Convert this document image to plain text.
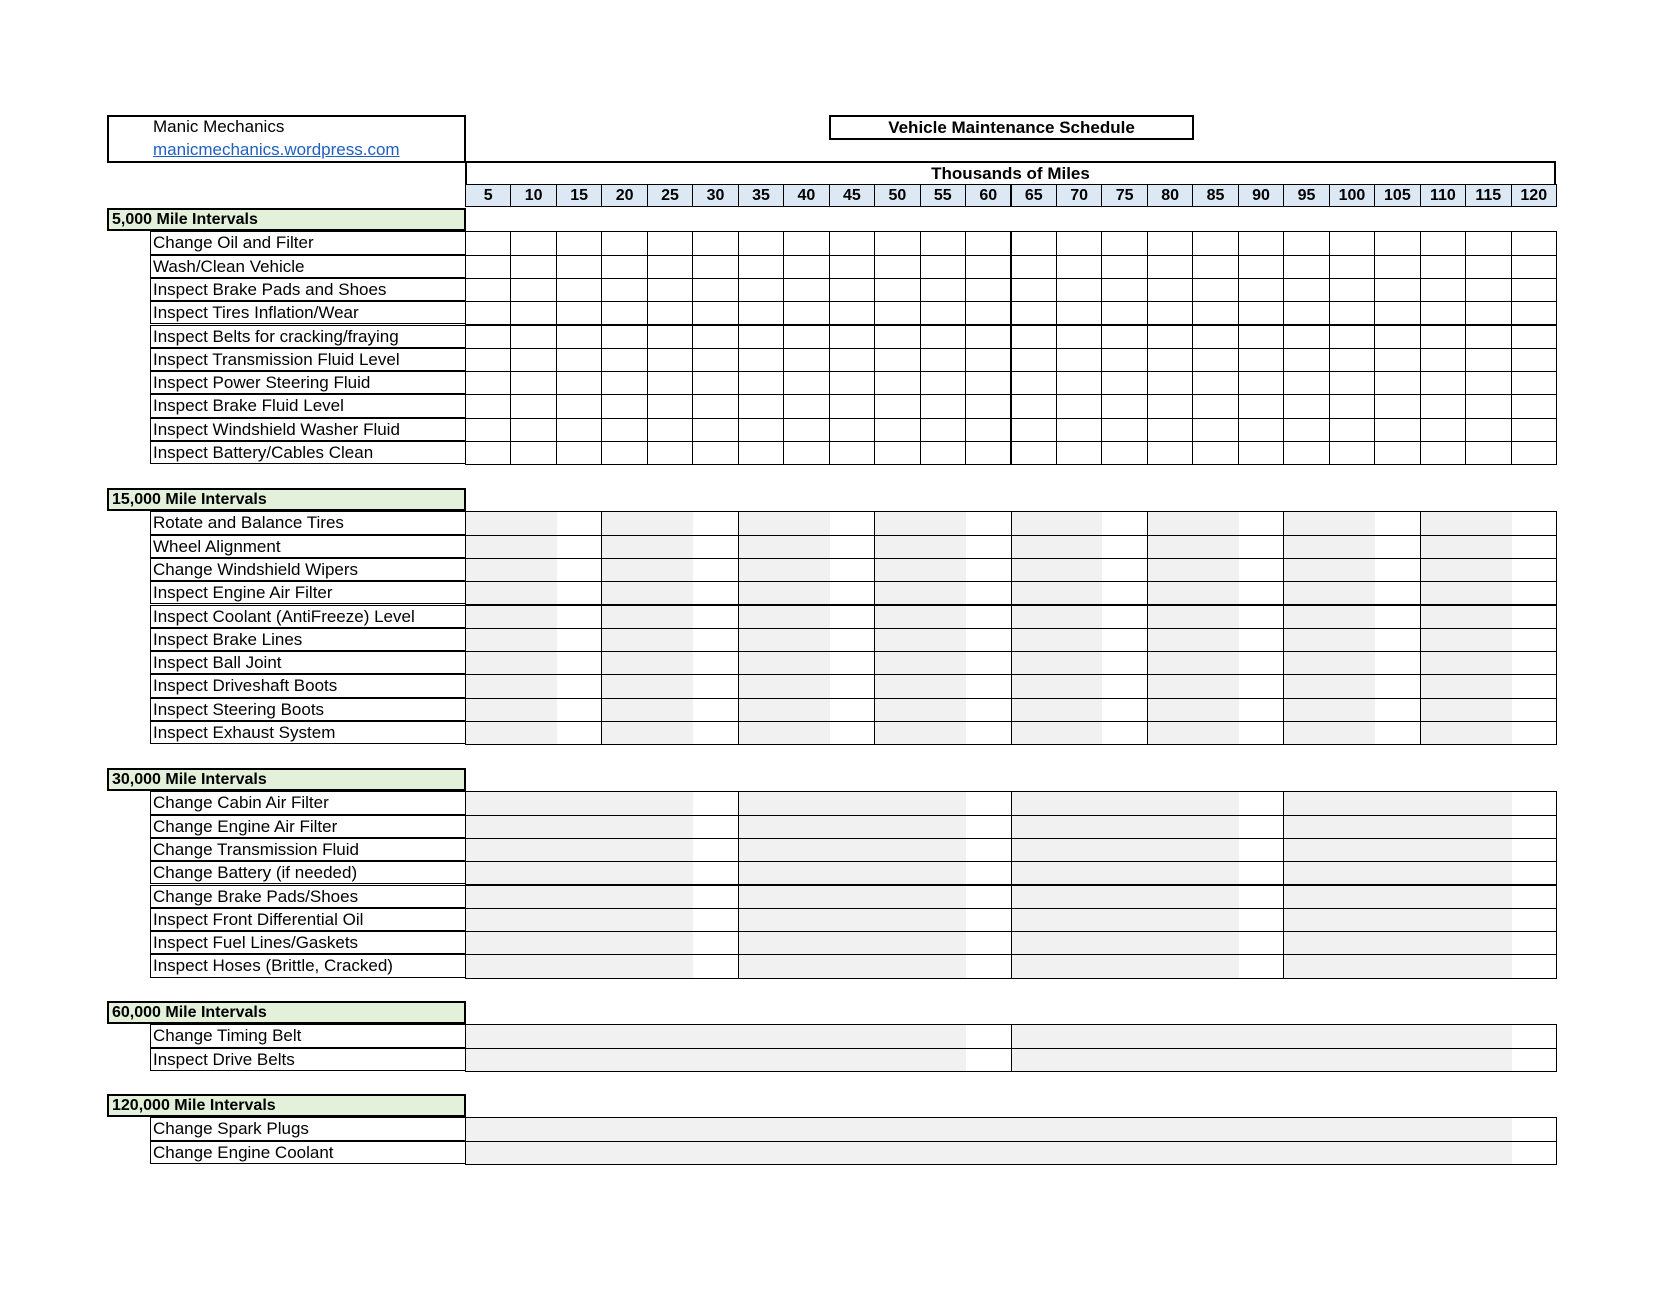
Manic Mechanics
manicmechanics.wordpress.com
Vehicle Maintenance Schedule
Thousands of Miles
5	10	15	20	25	30	35	40	45	50	55	60	65	70	75	80	85	90	95	100	105	110	115	120
5,000 Mile Intervals
Change Oil and Filter
Wash/Clean Vehicle
Inspect Brake Pads and Shoes
Inspect Tires Inflation/Wear
Inspect Belts for cracking/fraying
Inspect Transmission Fluid Level
Inspect Power Steering Fluid
Inspect Brake Fluid Level
Inspect Windshield Washer Fluid
Inspect Battery/Cables Clean
15,000 Mile Intervals
Rotate and Balance Tires
Wheel Alignment
Change Windshield Wipers
Inspect Engine Air Filter
Inspect Coolant (AntiFreeze) Level
Inspect Brake Lines
Inspect Ball Joint
Inspect Driveshaft Boots
Inspect Steering Boots
Inspect Exhaust System
30,000 Mile Intervals
Change Cabin Air Filter
Change Engine Air Filter
Change Transmission Fluid
Change Battery (if needed)
Change Brake Pads/Shoes
Inspect Front Differential Oil
Inspect Fuel Lines/Gaskets
Inspect Hoses (Brittle, Cracked)
60,000 Mile Intervals
Change Timing Belt
Inspect Drive Belts
120,000 Mile Intervals
Change Spark Plugs
Change Engine Coolant
